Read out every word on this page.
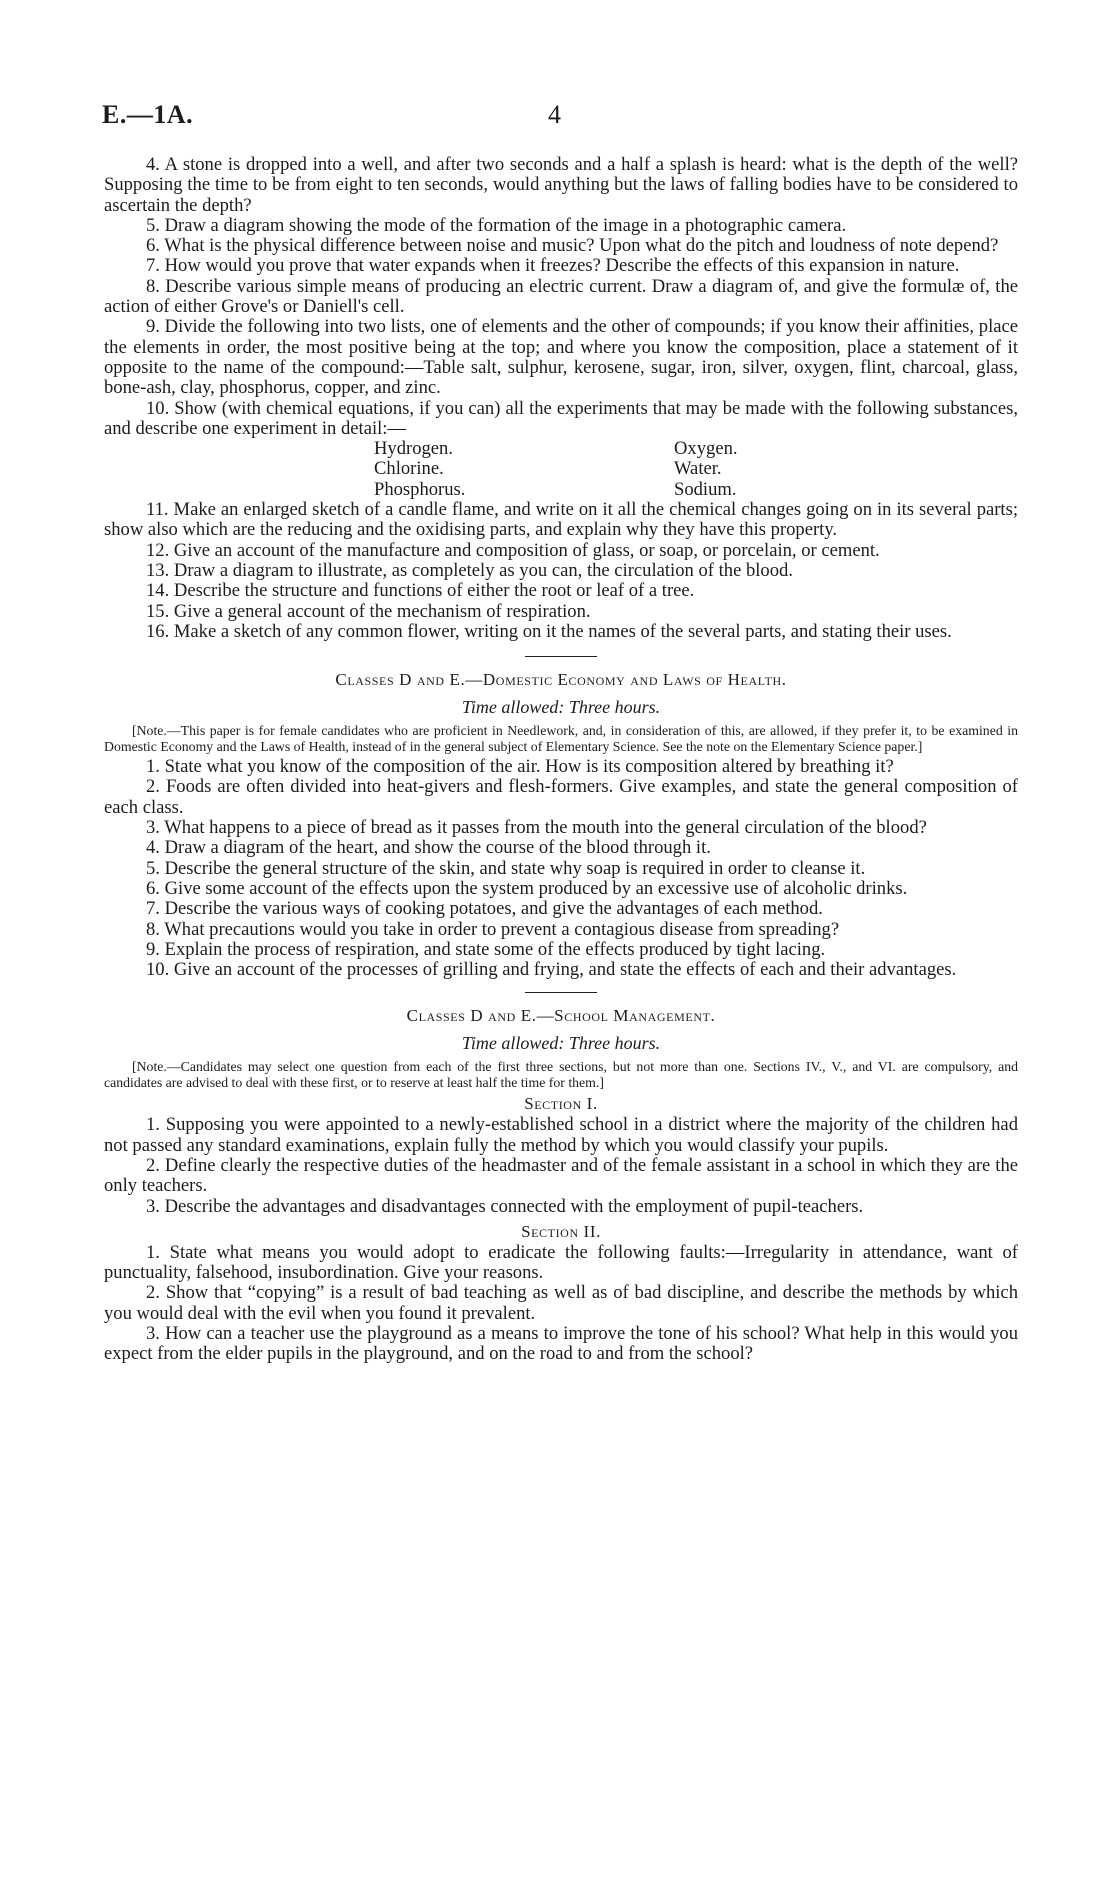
E.—1A.	4

4. A stone is dropped into a well, and after two seconds and a half a splash is heard: what is the depth of the well? Supposing the time to be from eight to ten seconds, would anything but the laws of falling bodies have to be considered to ascertain the depth?

5. Draw a diagram showing the mode of the formation of the image in a photographic camera.

6. What is the physical difference between noise and music? Upon what do the pitch and loudness of note depend?

7. How would you prove that water expands when it freezes? Describe the effects of this expansion in nature.

8. Describe various simple means of producing an electric current. Draw a diagram of, and give the formulæ of, the action of either Grove's or Daniell's cell.

9. Divide the following into two lists, one of elements and the other of compounds; if you know their affinities, place the elements in order, the most positive being at the top; and where you know the composition, place a statement of it opposite to the name of the compound:—Table salt, sulphur, kerosene, sugar, iron, silver, oxygen, flint, charcoal, glass, bone-ash, clay, phosphorus, copper, and zinc.

10. Show (with chemical equations, if you can) all the experiments that may be made with the following substances, and describe one experiment in detail:—

Hydrogen.	Oxygen.
Chlorine.	Water.
Phosphorus.	Sodium.

11. Make an enlarged sketch of a candle flame, and write on it all the chemical changes going on in its several parts; show also which are the reducing and the oxidising parts, and explain why they have this property.

12. Give an account of the manufacture and composition of glass, or soap, or porcelain, or cement.

13. Draw a diagram to illustrate, as completely as you can, the circulation of the blood.

14. Describe the structure and functions of either the root or leaf of a tree.

15. Give a general account of the mechanism of respiration.

16. Make a sketch of any common flower, writing on it the names of the several parts, and stating their uses.

Classes D and E.—Domestic Economy and Laws of Health.
Time allowed: Three hours.
[Note.—This paper is for female candidates who are proficient in Needlework, and, in consideration of this, are allowed, if they prefer it, to be examined in Domestic Economy and the Laws of Health, instead of in the general subject of Elementary Science. See the note on the Elementary Science paper.]

1. State what you know of the composition of the air. How is its composition altered by breathing it?

2. Foods are often divided into heat-givers and flesh-formers. Give examples, and state the general composition of each class.

3. What happens to a piece of bread as it passes from the mouth into the general circulation of the blood?

4. Draw a diagram of the heart, and show the course of the blood through it.

5. Describe the general structure of the skin, and state why soap is required in order to cleanse it.

6. Give some account of the effects upon the system produced by an excessive use of alcoholic drinks.

7. Describe the various ways of cooking potatoes, and give the advantages of each method.

8. What precautions would you take in order to prevent a contagious disease from spreading?

9. Explain the process of respiration, and state some of the effects produced by tight lacing.

10. Give an account of the processes of grilling and frying, and state the effects of each and their advantages.

Classes D and E.—School Management.
Time allowed: Three hours.
[Note.—Candidates may select one question from each of the first three sections, but not more than one. Sections IV., V., and VI. are compulsory, and candidates are advised to deal with these first, or to reserve at least half the time for them.]
Section I.

1. Supposing you were appointed to a newly-established school in a district where the majority of the children had not passed any standard examinations, explain fully the method by which you would classify your pupils.

2. Define clearly the respective duties of the headmaster and of the female assistant in a school in which they are the only teachers.

3. Describe the advantages and disadvantages connected with the employment of pupil-teachers.

Section II.

1. State what means you would adopt to eradicate the following faults:—Irregularity in attendance, want of punctuality, falsehood, insubordination. Give your reasons.

2. Show that “copying” is a result of bad teaching as well as of bad discipline, and describe the methods by which you would deal with the evil when you found it prevalent.

3. How can a teacher use the playground as a means to improve the tone of his school? What help in this would you expect from the elder pupils in the playground, and on the road to and from the school?
